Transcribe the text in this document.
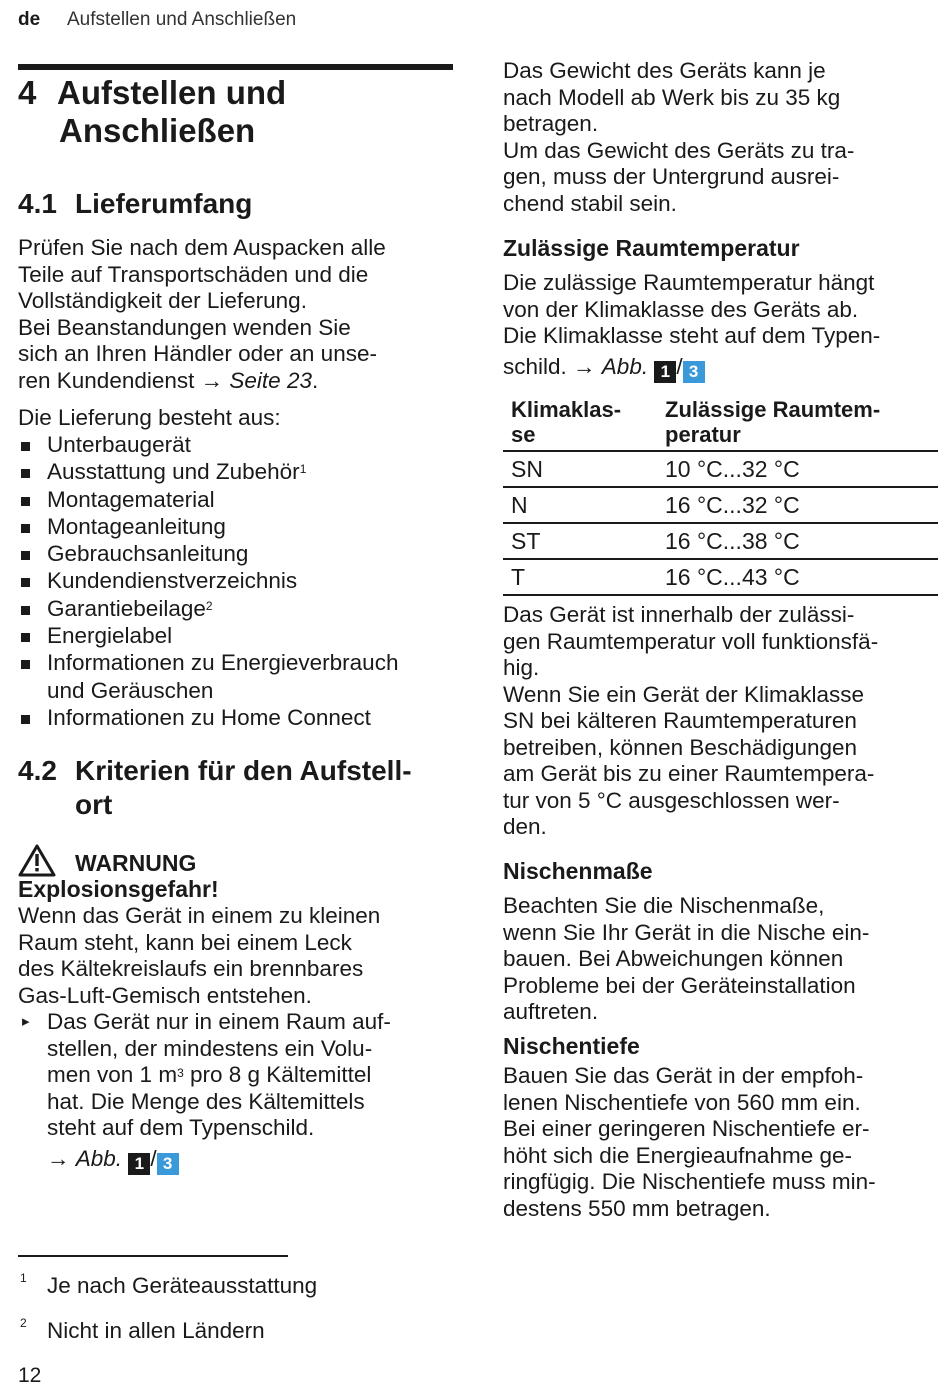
de Aufstellen und Anschließen
4 Aufstellen und
Anschließen
4.1 Lieferumfang
Prüfen Sie nach dem Auspacken alle
Teile auf Transportschäden und die
Vollständigkeit der Lieferung.
Bei Beanstandungen wenden Sie
sich an Ihren Händler oder an unse-
ren Kundendienst → Seite 23.
Die Lieferung besteht aus:
Unterbaugerät
Ausstattung und Zubehör$^1$
Montagematerial
Montageanleitung
Gebrauchsanleitung
Kundendienstverzeichnis
Garantiebeilage$^2$
Energielabel
Informationen zu Energieverbrauch
und Geräuschen
Informationen zu Home Connect
4.2 Kriterien für den Aufstell-
ort
WARNUNG
Explosionsgefahr!
Wenn das Gerät in einem zu kleinen
Raum steht, kann bei einem Leck
des Kältekreislaufs ein brennbares
Gas-Luft-Gemisch entstehen.
▸ Das Gerät nur in einem Raum auf-
stellen, der mindestens ein Volu-
men von 1 $m^3$ pro 8 g Kältemittel
hat. Die Menge des Kältemittels
steht auf dem Typenschild.
→ Abb. 1 / 3
Das Gewicht des Geräts kann je
nach Modell ab Werk bis zu 35 kg
betragen.
Um das Gewicht des Geräts zu tra-
gen, muss der Untergrund ausrei-
chend stabil sein.
Zulässige Raumtemperatur
Die zulässige Raumtemperatur hängt
von der Klimaklasse des Geräts ab.
Die Klimaklasse steht auf dem Typen-
schild. → Abb. 1 / 3
Klimaklas-
se	Zulässige Raumtem-
peratur
SN	10 °C...32 °C
N	16 °C...32 °C
ST	16 °C...38 °C
T	16 °C...43 °C
Das Gerät ist innerhalb der zulässi-
gen Raumtemperatur voll funktionsfä-
hig.
Wenn Sie ein Gerät der Klimaklasse
SN bei kälteren Raumtemperaturen
betreiben, können Beschädigungen
am Gerät bis zu einer Raumtempera-
tur von 5 °C ausgeschlossen wer-
den.
Nischenmaße
Beachten Sie die Nischenmaße,
wenn Sie Ihr Gerät in die Nische ein-
bauen. Bei Abweichungen können
Probleme bei der Geräteinstallation
auftreten.
Nischentiefe
Bauen Sie das Gerät in der empfoh-
lenen Nischentiefe von 560 mm ein.
Bei einer geringeren Nischentiefe er-
höht sich die Energieaufnahme ge-
ringfügig. Die Nischentiefe muss min-
destens 550 mm betragen.
1 Je nach Geräteausstattung
2 Nicht in allen Ländern
12
